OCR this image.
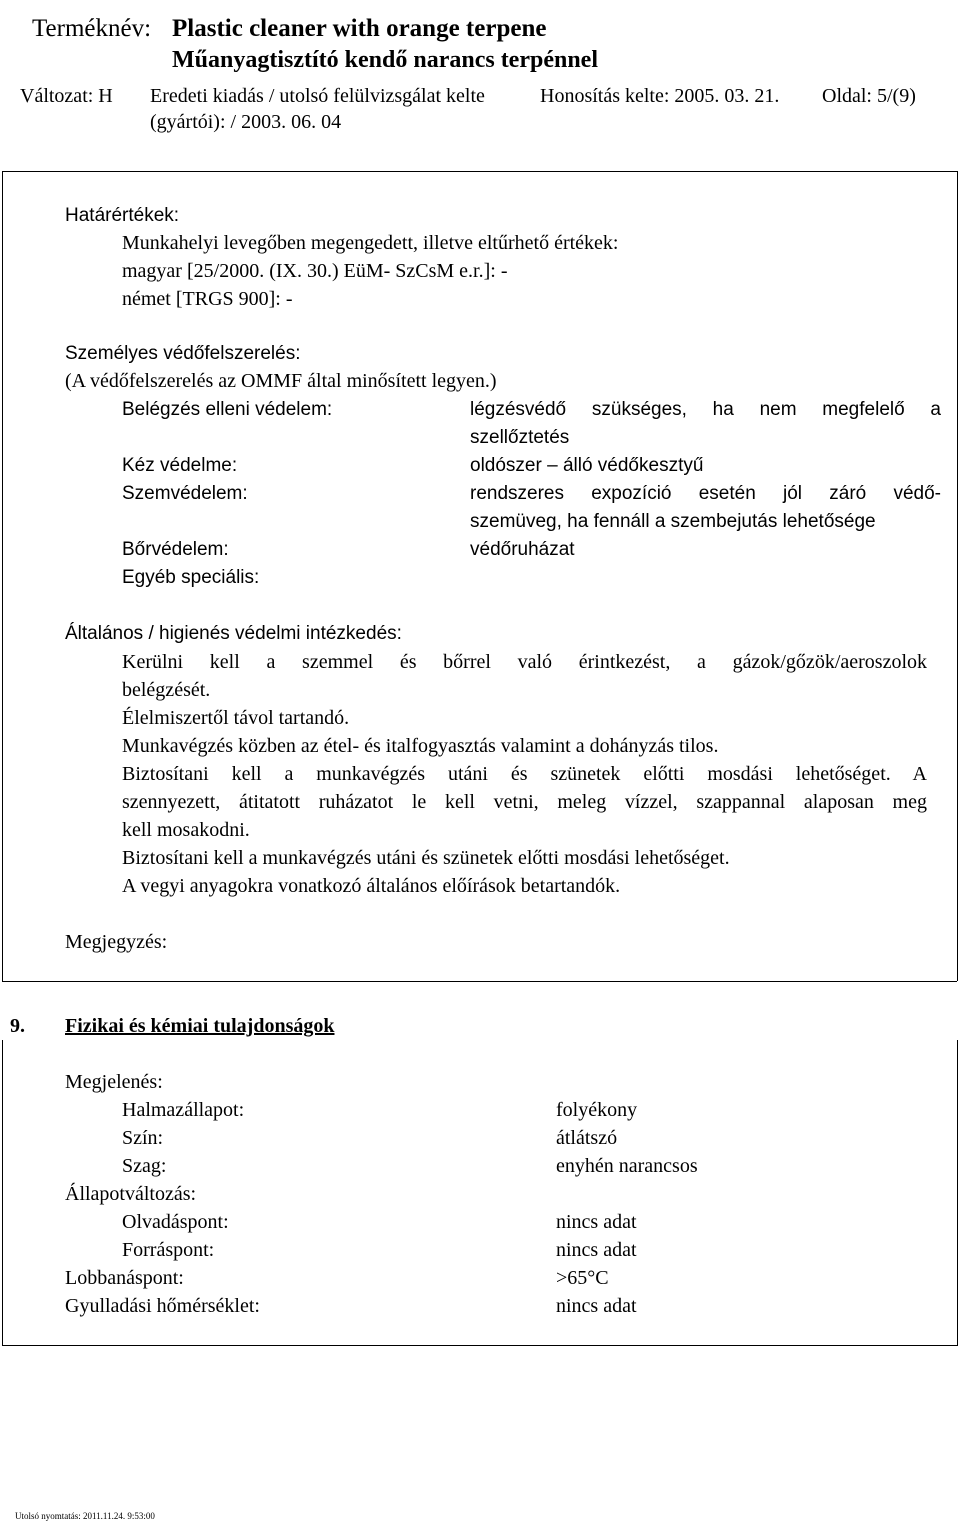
Terméknév: Plastic cleaner with orange terpene
Műanyagtisztító kendő narancs terpénnel
Változat: H Eredeti kiadás / utolsó felülvizsgálat kelte
(gyártói): / 2003. 06. 04
Honosítás kelte: 2005. 03. 21. Oldal: 5/(9)
Határértékek:
Munkahelyi levegőben megengedett, illetve eltűrhető értékek:
magyar [25/2000. (IX. 30.) EüM- SzCsM e.r.]: -
német [TRGS 900]: -
Személyes védőfelszerelés:
(A védőfelszerelés az OMMF által minősített legyen.)
Belégzés elleni védelem:	légzésvédő szükséges, ha nem megfelelő a
szellőztetés
Kéz védelme:	oldószer – álló védőkesztyű
Szemvédelem:	rendszeres expozíció esetén jól záró védő-
szemüveg, ha fennáll a szembejutás lehetősége
Bőrvédelem:	védőruházat
Egyéb speciális:
Általános / higienés védelmi intézkedés:
Kerülni kell a szemmel és bőrrel való érintkezést, a gázok/gőzök/aeroszolok
belégzését.
Élelmiszertől távol tartandó.
Munkavégzés közben az étel- és italfogyasztás valamint a dohányzás tilos.
Biztosítani kell a munkavégzés utáni és szünetek előtti mosdási lehetőséget. A
szennyezett, átitatott ruházatot le kell vetni, meleg vízzel, szappannal alaposan meg
kell mosakodni.
Biztosítani kell a munkavégzés utáni és szünetek előtti mosdási lehetőséget.
A vegyi anyagokra vonatkozó általános előírások betartandók.
Megjegyzés:
9. Fizikai és kémiai tulajdonságok
Megjelenés:
Halmazállapot:	folyékony
Szín:	átlátszó
Szag:	enyhén narancsos
Állapotváltozás:
Olvadáspont:	nincs adat
Forráspont:	nincs adat
Lobbanáspont:	>65°C
Gyulladási hőmérséklet:	nincs adat
Utolsó nyomtatás: 2011.11.24. 9:53:00
